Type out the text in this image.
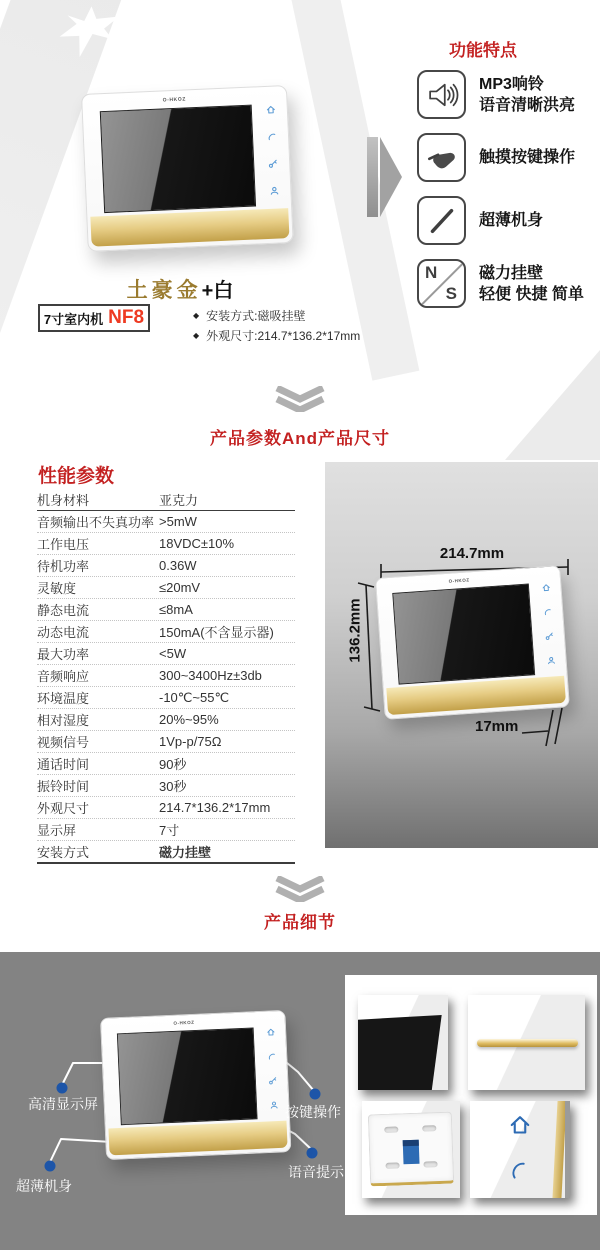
O-HKOZ
土豪金+白
7寸室内机 NF8	◆ 安装方式:磁吸挂壁
◆ 外观尺寸:214.7*136.2*17mm
功能特点
MP3响铃
语音清晰洪亮
触摸按键操作
超薄机身
N
S
磁力挂壁
轻便 快捷 简单
产品参数And产品尺寸
性能参数
机身材料	亚克力
音频输出不失真功率 >5mW
工作电压	18VDC±10%
待机功率	0.36W
灵敏度	≤20mV
静态电流	≤8mA
动态电流	150mA(不含显示器)
最大功率	<5W
音频响应	300~3400Hz±3db
环境温度	-10℃~55℃
相对湿度	20%~95%
视频信号	1Vp-p/75Ω
通话时间	90秒
振铃时间	30秒
外观尺寸	214.7*136.2*17mm
显示屏	7寸
安装方式	磁力挂壁
O-HKOZ
214.7mm
136.2mm
17mm
产品细节
O-HKOZ
高清显示屏	按键操作
超薄机身
语音提示
